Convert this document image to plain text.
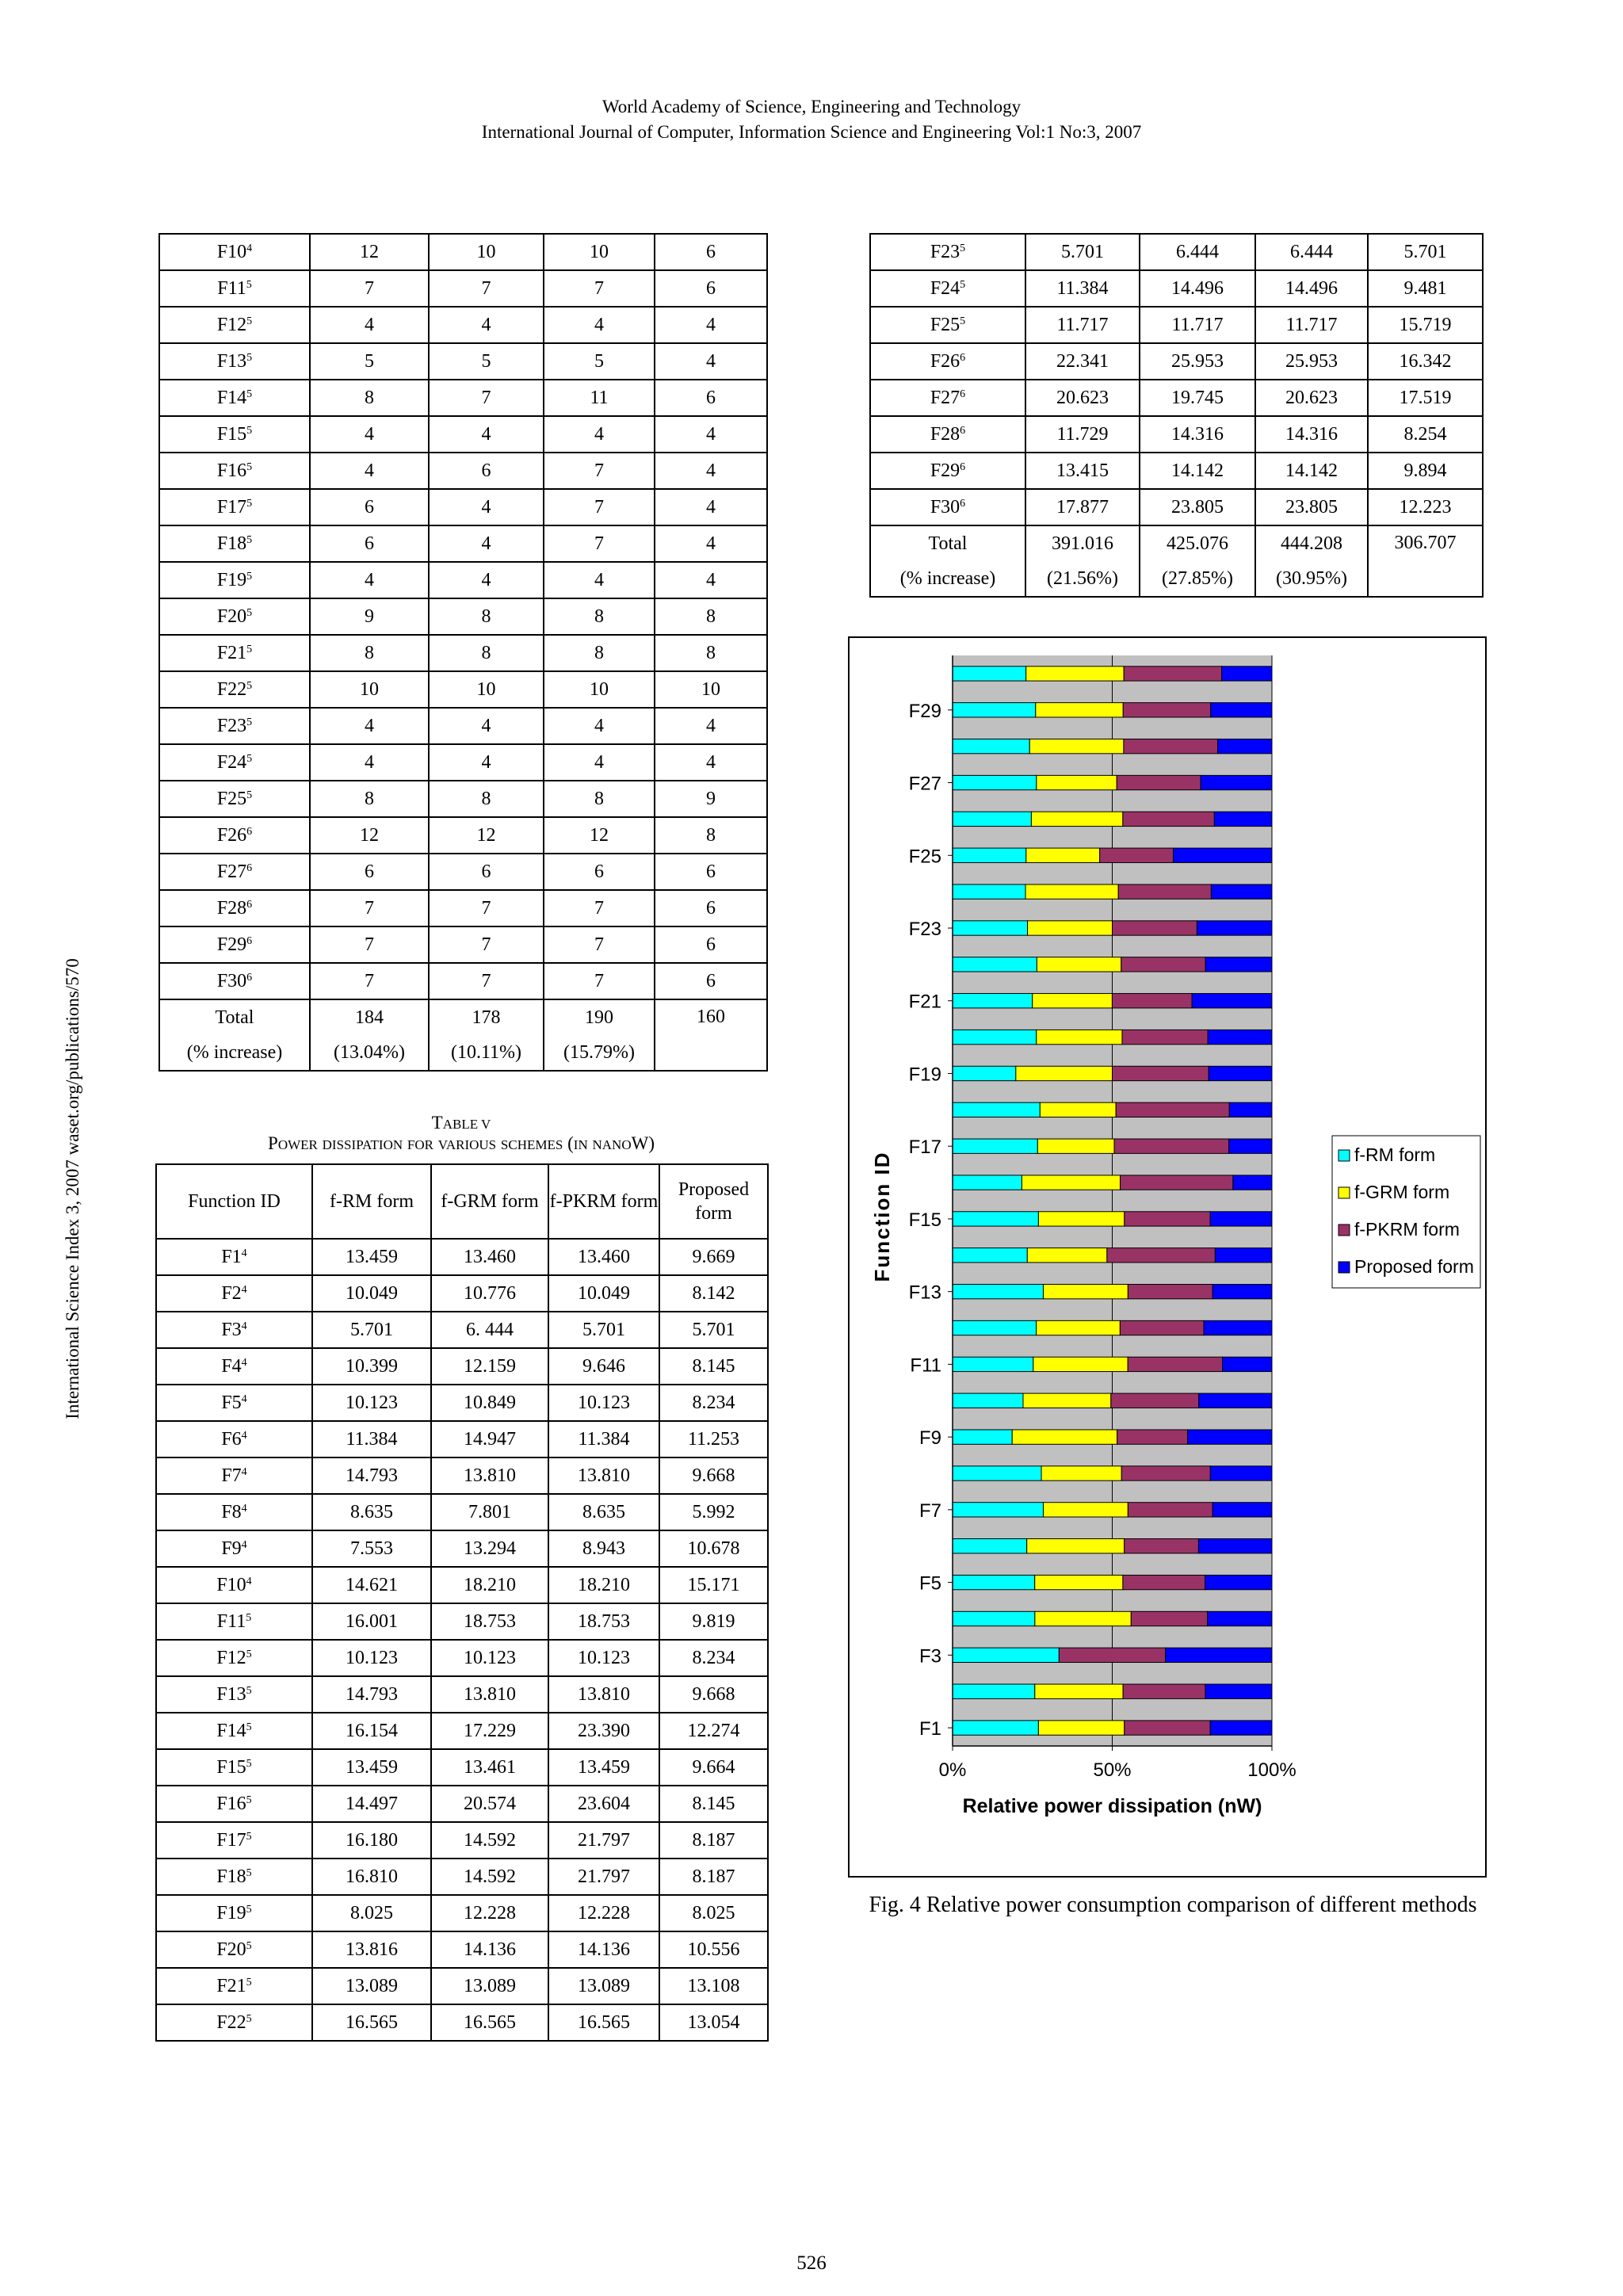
World Academy of Science, Engineering and Technology
International Journal of Computer, Information Science and Engineering Vol:1 No:3, 2007
International Science Index 3, 2007 waset.org/publications/570
$F10^4$	12	10	10	6
$F11^5$	7	7	7	6
$F12^5$	4	4	4	4
$F13^5$	5	5	5	4
$F14^5$	8	7	11	6
$F15^5$	4	4	4	4
$F16^5$	4	6	7	4
$F17^5$	6	4	7	4
$F18^5$	6	4	7	4
$F19^5$	4	4	4	4
$F20^5$	9	8	8	8
$F21^5$	8	8	8	8
$F22^5$	10	10	10	10
$F23^5$	4	4	4	4
$F24^5$	4	4	4	4
$F25^5$	8	8	8	9
$F26^6$	12	12	12	8
$F27^6$	6	6	6	6
$F28^6$	7	7	7	6
$F29^6$	7	7	7	6
$F30^6$	7	7	7	6
Total	184	178	190	160
(% increase)	(13.04%)	(10.11%)	(15.79%)	
TABLE V
POWER DISSIPATION FOR VARIOUS SCHEMES (IN NANOW)
Function ID	f-RM form	f-GRM form	f-PKRM form	Proposed form
$F1^4$	13.459	13.460	13.460	9.669
$F2^4$	10.049	10.776	10.049	8.142
$F3^4$	5.701	6. 444	5.701	5.701
$F4^4$	10.399	12.159	9.646	8.145
$F5^4$	10.123	10.849	10.123	8.234
$F6^4$	11.384	14.947	11.384	11.253
$F7^4$	14.793	13.810	13.810	9.668
$F8^4$	8.635	7.801	8.635	5.992
$F9^4$	7.553	13.294	8.943	10.678
$F10^4$	14.621	18.210	18.210	15.171
$F11^5$	16.001	18.753	18.753	9.819
$F12^5$	10.123	10.123	10.123	8.234
$F13^5$	14.793	13.810	13.810	9.668
$F14^5$	16.154	17.229	23.390	12.274
$F15^5$	13.459	13.461	13.459	9.664
$F16^5$	14.497	20.574	23.604	8.145
$F17^5$	16.180	14.592	21.797	8.187
$F18^5$	16.810	14.592	21.797	8.187
$F19^5$	8.025	12.228	12.228	8.025
$F20^5$	13.816	14.136	14.136	10.556
$F21^5$	13.089	13.089	13.089	13.108
$F22^5$	16.565	16.565	16.565	13.054
$F23^5$	5.701	6.444	6.444	5.701
$F24^5$	11.384	14.496	14.496	9.481
$F25^5$	11.717	11.717	11.717	15.719
$F26^6$	22.341	25.953	25.953	16.342
$F27^6$	20.623	19.745	20.623	17.519
$F28^6$	11.729	14.316	14.316	8.254
$F29^6$	13.415	14.142	14.142	9.894
$F30^6$	17.877	23.805	23.805	12.223
Total	391.016	425.076	444.208	306.707
(% increase)	(21.56%)	(27.85%)	(30.95%)	
F1
F3
F5
F7
F9
F11
F13
F15
F17
F19
F21
F23
F25
F27
F29
0%	50%	100%
Relative power dissipation (nW)
Function ID	f-RM form
f-GRM form
f-PKRM form
Proposed form
Fig. 4 Relative power consumption comparison of different methods
526
